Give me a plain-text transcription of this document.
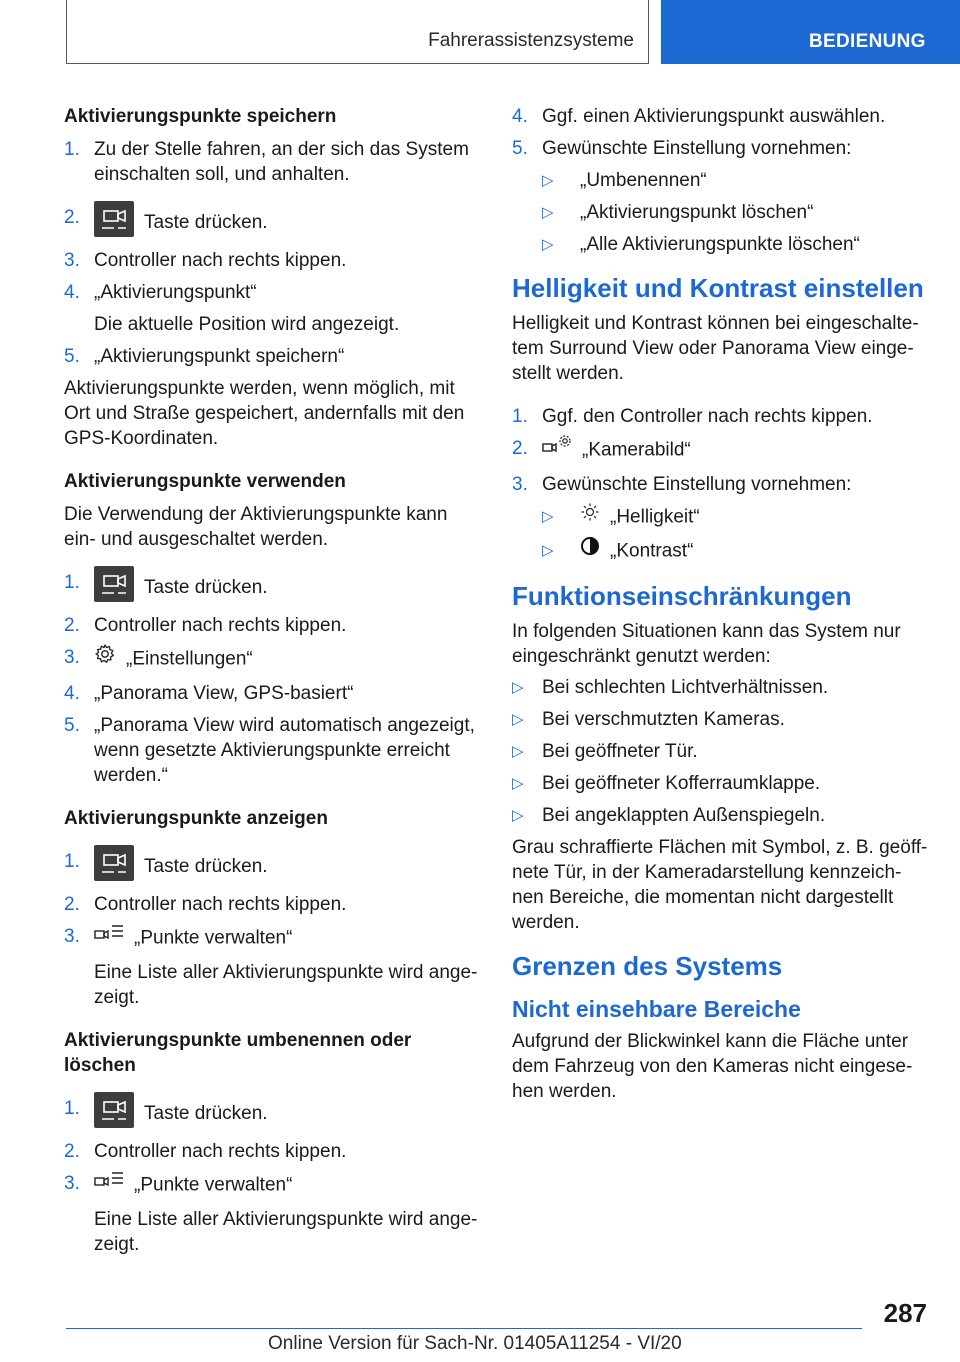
Fahrerassistenzsysteme	BEDIENUNG
Aktivierungspunkte speichern
1. Zu der Stelle fahren, an der sich das System einschalten soll, und anhalten.
2.	Taste drücken.
3. Controller nach rechts kippen.
4. „Aktivierungspunkt“
Die aktuelle Position wird angezeigt.
5. „Aktivierungspunkt speichern“

Aktivierungspunkte werden, wenn möglich, mit Ort und Straße gespeichert, andernfalls mit den GPS-Koordinaten.

Aktivierungspunkte verwenden

Die Verwendung der Aktivierungspunkte kann ein- und ausgeschaltet werden.

1.	Taste drücken.
2. Controller nach rechts kippen.
3. „Einstellungen“
4. „Panorama View, GPS-basiert“
5. „Panorama View wird automatisch angezeigt, wenn gesetzte Aktivierungspunkte erreicht werden.“
Aktivierungspunkte anzeigen
1.	Taste drücken.
2. Controller nach rechts kippen.
3.	„Punkte verwalten“
Eine Liste aller Aktivierungspunkte wird ange-zeigt.
Aktivierungspunkte umbenennen oder löschen
1.	Taste drücken.
2. Controller nach rechts kippen.
3.	„Punkte verwalten“
Eine Liste aller Aktivierungspunkte wird ange-zeigt.
4. Ggf. einen Aktivierungspunkt auswählen.
5. Gewünschte Einstellung vornehmen:
▷ „Umbenennen“
▷ „Aktivierungspunkt löschen“
▷ „Alle Aktivierungspunkte löschen“
Helligkeit und Kontrast einstellen

Helligkeit und Kontrast können bei eingeschalte-tem Surround View oder Panorama View einge-stellt werden.

1. Ggf. den Controller nach rechts kippen.
2.	„Kamerabild“
3. Gewünschte Einstellung vornehmen:
▷	„Helligkeit“
▷	„Kontrast“
Funktionseinschränkungen

In folgenden Situationen kann das System nur eingeschränkt genutzt werden:

▷ Bei schlechten Lichtverhältnissen.
▷ Bei verschmutzten Kameras.
▷ Bei geöffneter Tür.
▷ Bei geöffneter Kofferraumklappe.
▷ Bei angeklappten Außenspiegeln.

Grau schraffierte Flächen mit Symbol, z. B. geöff-nete Tür, in der Kameradarstellung kennzeich-nen Bereiche, die momentan nicht dargestellt werden.

Grenzen des Systems
Nicht einsehbare Bereiche

Aufgrund der Blickwinkel kann die Fläche unter dem Fahrzeug von den Kameras nicht eingese-hen werden.

287
Online Version für Sach-Nr. 01405A11254 - VI/20
